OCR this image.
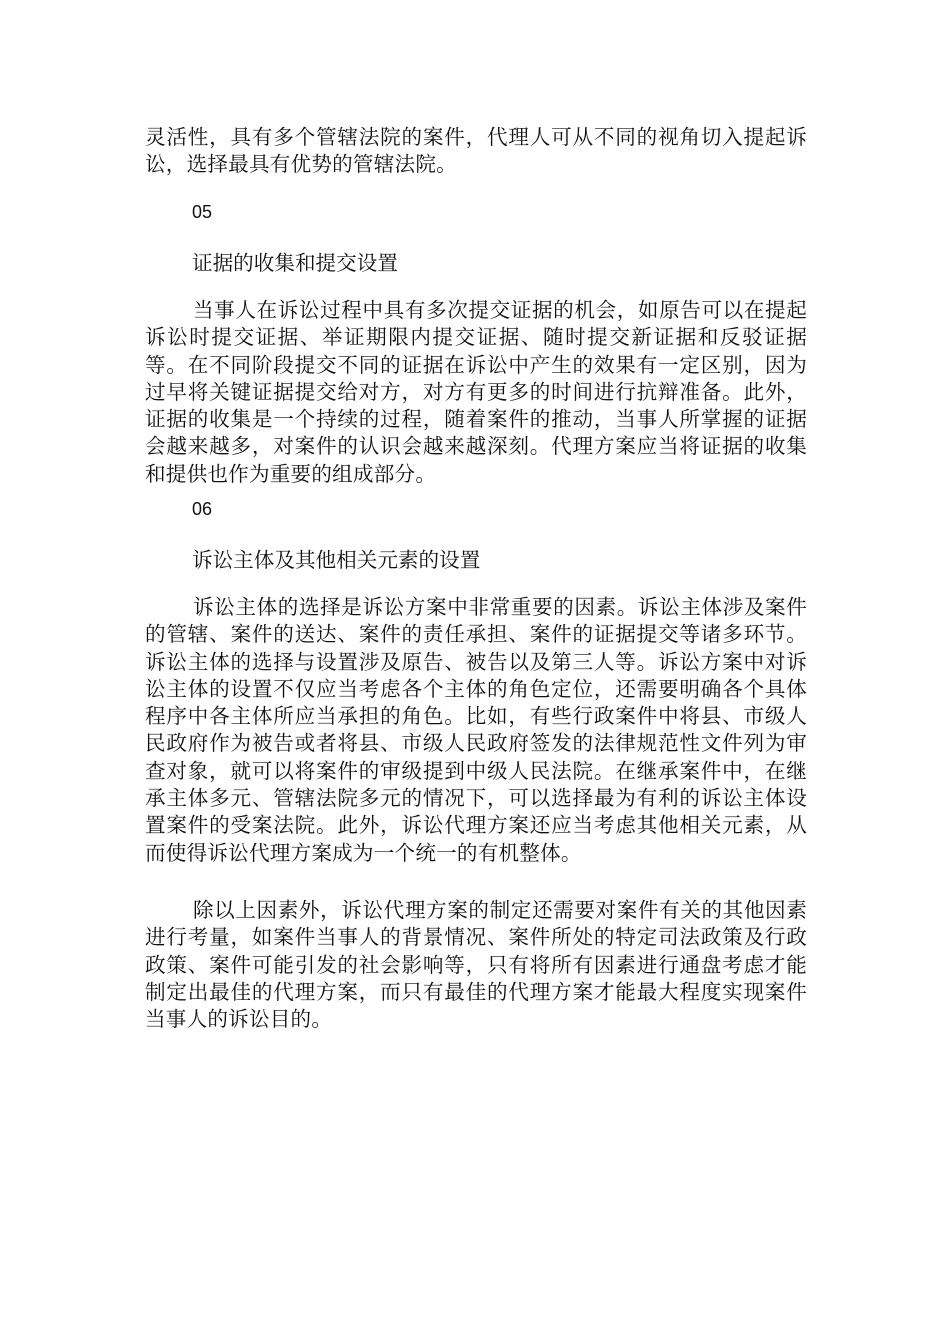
灵活性，具有多个管辖法院的案件，代理人可从不同的视角切入提起诉讼，选择最具有优势的管辖法院。

05

证据的收集和提交设置

当事人在诉讼过程中具有多次提交证据的机会，如原告可以在提起诉讼时提交证据、举证期限内提交证据、随时提交新证据和反驳证据等。在不同阶段提交不同的证据在诉讼中产生的效果有一定区别，因为过早将关键证据提交给对方，对方有更多的时间进行抗辩准备。此外，证据的收集是一个持续的过程，随着案件的推动，当事人所掌握的证据会越来越多，对案件的认识会越来越深刻。代理方案应当将证据的收集和提供也作为重要的组成部分。

06

诉讼主体及其他相关元素的设置

诉讼主体的选择是诉讼方案中非常重要的因素。诉讼主体涉及案件的管辖、案件的送达、案件的责任承担、案件的证据提交等诸多环节。诉讼主体的选择与设置涉及原告、被告以及第三人等。诉讼方案中对诉讼主体的设置不仅应当考虑各个主体的角色定位，还需要明确各个具体程序中各主体所应当承担的角色。比如，有些行政案件中将县、市级人民政府作为被告或者将县、市级人民政府签发的法律规范性文件列为审查对象，就可以将案件的审级提到中级人民法院。在继承案件中，在继承主体多元、管辖法院多元的情况下，可以选择最为有利的诉讼主体设置案件的受案法院。此外，诉讼代理方案还应当考虑其他相关元素，从而使得诉讼代理方案成为一个统一的有机整体。

除以上因素外，诉讼代理方案的制定还需要对案件有关的其他因素进行考量，如案件当事人的背景情况、案件所处的特定司法政策及行政政策、案件可能引发的社会影响等，只有将所有因素进行通盘考虑才能制定出最佳的代理方案，而只有最佳的代理方案才能最大程度实现案件当事人的诉讼目的。
